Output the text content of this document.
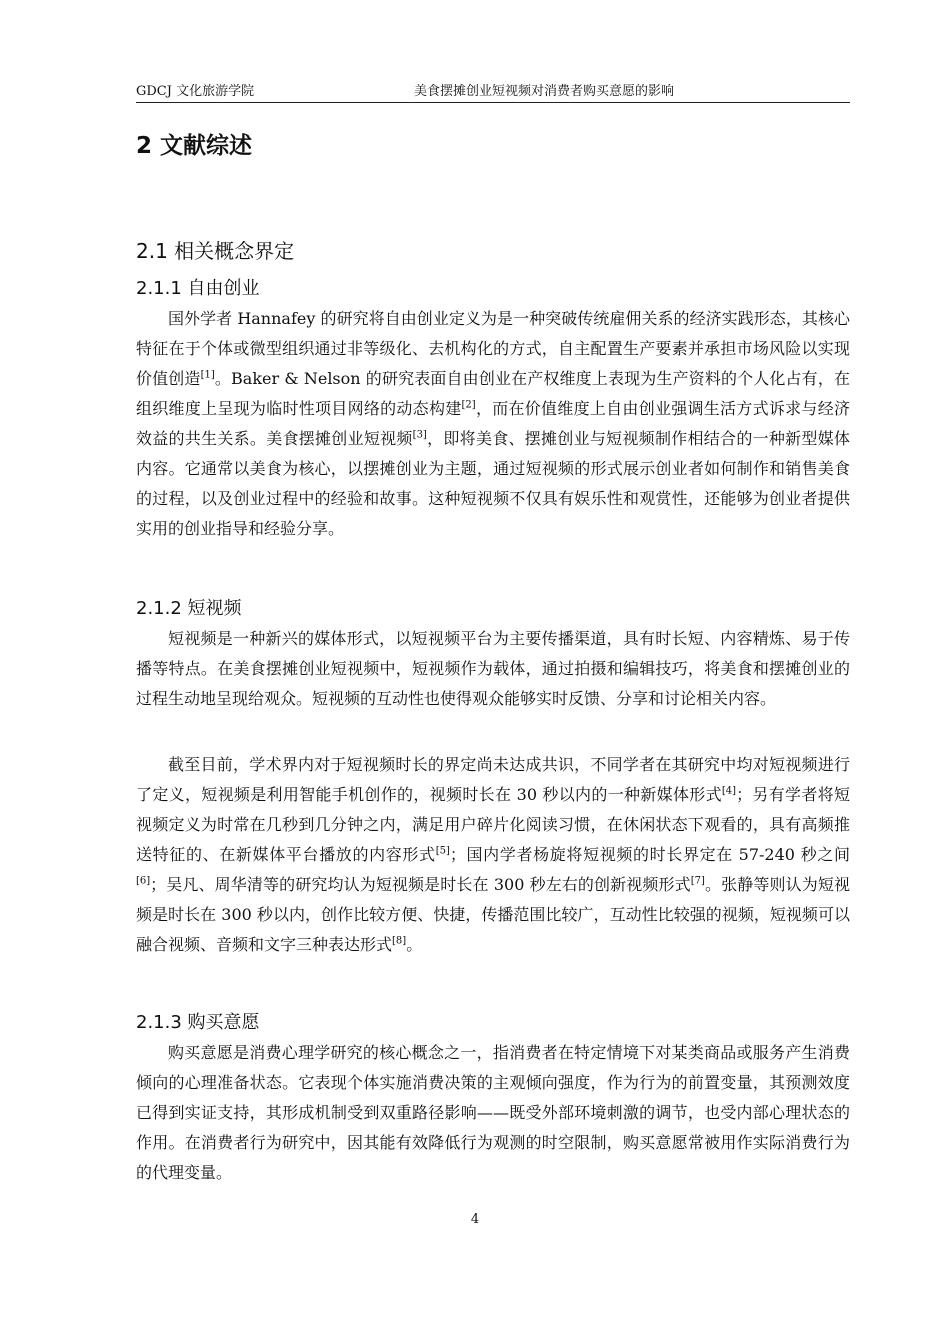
GDCJ 文化旅游学院	美食摆摊创业短视频对消费者购买意愿的影响
2 文献综述
2.1 相关概念界定
2.1.1 自由创业

国外学者 Hannafey 的研究将自由创业定义为是一种突破传统雇佣关系的经济实践形态，其核心特征在于个体或微型组织通过非等级化、去机构化的方式，自主配置生产要素并承担市场风险以实现价值创造[1]。Baker & Nelson 的研究表面自由创业在产权维度上表现为生产资料的个人化占有，在组织维度上呈现为临时性项目网络的动态构建[2]，而在价值维度上自由创业强调生活方式诉求与经济效益的共生关系。美食摆摊创业短视频[3]，即将美食、摆摊创业与短视频制作相结合的一种新型媒体内容。它通常以美食为核心，以摆摊创业为主题，通过短视频的形式展示创业者如何制作和销售美食的过程，以及创业过程中的经验和故事。这种短视频不仅具有娱乐性和观赏性，还能够为创业者提供实用的创业指导和经验分享。

2.1.2 短视频

短视频是一种新兴的媒体形式，以短视频平台为主要传播渠道，具有时长短、内容精炼、易于传播等特点。在美食摆摊创业短视频中，短视频作为载体，通过拍摄和编辑技巧，将美食和摆摊创业的过程生动地呈现给观众。短视频的互动性也使得观众能够实时反馈、分享和讨论相关内容。

截至目前，学术界内对于短视频时长的界定尚未达成共识，不同学者在其研究中均对短视频进行了定义，短视频是利用智能手机创作的，视频时长在 30 秒以内的一种新媒体形式[4]；另有学者将短视频定义为时常在几秒到几分钟之内，满足用户碎片化阅读习惯，在休闲状态下观看的，具有高频推送特征的、在新媒体平台播放的内容形式[5]；国内学者杨旋将短视频的时长界定在 57-240 秒之间[6]；吴凡、周华清等的研究均认为短视频是时长在 300 秒左右的创新视频形式[7]。张静等则认为短视频是时长在 300 秒以内，创作比较方便、快捷，传播范围比较广，互动性比较强的视频，短视频可以融合视频、音频和文字三种表达形式[8]。

2.1.3 购买意愿

购买意愿是消费心理学研究的核心概念之一，指消费者在特定情境下对某类商品或服务产生消费倾向的心理准备状态。它表现个体实施消费决策的主观倾向强度，作为行为的前置变量，其预测效度已得到实证支持，其形成机制受到双重路径影响——既受外部环境刺激的调节，也受内部心理状态的作用。在消费者行为研究中，因其能有效降低行为观测的时空限制，购买意愿常被用作实际消费行为的代理变量。

4
